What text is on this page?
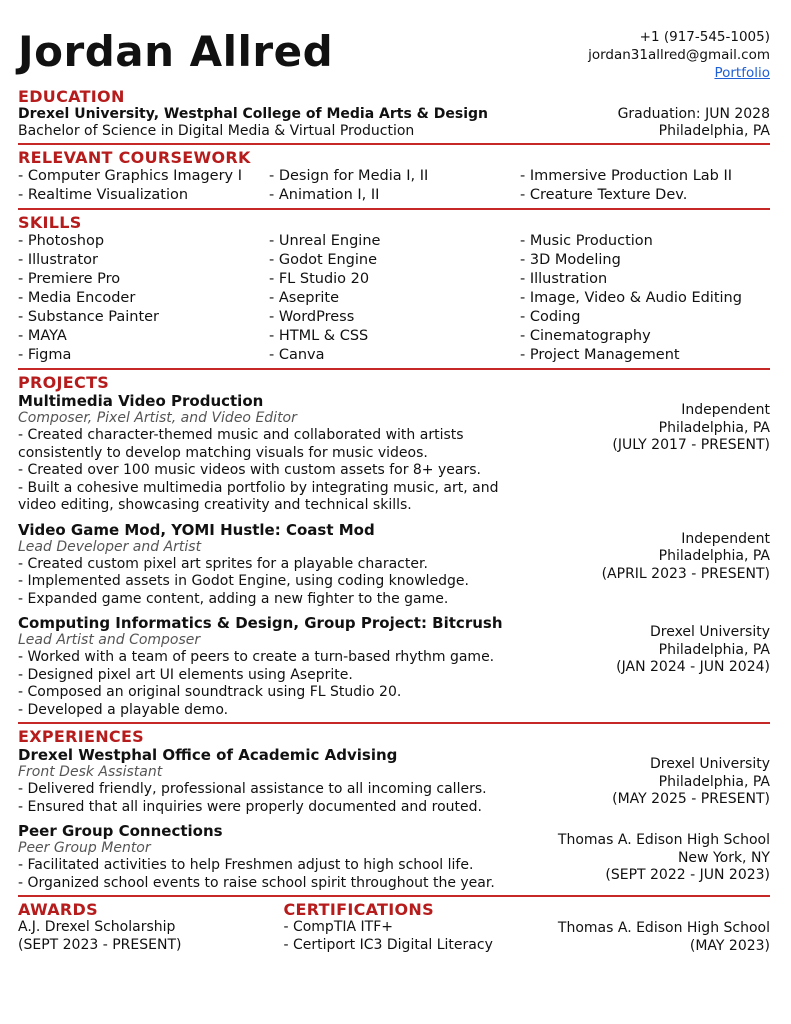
Jordan Allred	+1 (917-545-1005)
jordan31allred@gmail.com
Portfolio
EDUCATION
Drexel University, Westphal College of Media Arts & Design	Graduation: JUN 2028
Bachelor of Science in Digital Media & Virtual Production	Philadelphia, PA
RELEVANT COURSEWORK
- Computer Graphics Imagery I
- Realtime Visualization
- Design for Media I, II
- Animation I, II
- Immersive Production Lab II
- Creature Texture Dev.
SKILLS
- Photoshop
- Illustrator
- Premiere Pro
- Media Encoder
- Substance Painter
- MAYA
- Figma
- Unreal Engine
- Godot Engine
- FL Studio 20
- Aseprite
- WordPress
- HTML & CSS
- Canva
- Music Production
- 3D Modeling
- Illustration
- Image, Video & Audio Editing
- Coding
- Cinematography
- Project Management
PROJECTS
Multimedia Video Production
Composer, Pixel Artist, and Video Editor
- Created character-themed music and collaborated with artists consistently to develop matching visuals for music videos.
- Created over 100 music videos with custom assets for 8+ years.
- Built a cohesive multimedia portfolio by integrating music, art, and video editing, showcasing creativity and technical skills.
Independent
Philadelphia, PA
(JULY 2017 - PRESENT)
Video Game Mod, YOMI Hustle: Coast Mod
Lead Developer and Artist
- Created custom pixel art sprites for a playable character.
- Implemented assets in Godot Engine, using coding knowledge.
- Expanded game content, adding a new fighter to the game.
Independent
Philadelphia, PA
(APRIL 2023 - PRESENT)
Computing Informatics & Design, Group Project: Bitcrush
Lead Artist and Composer
- Worked with a team of peers to create a turn-based rhythm game.
- Designed pixel art UI elements using Aseprite.
- Composed an original soundtrack using FL Studio 20.
- Developed a playable demo.
Drexel University
Philadelphia, PA
(JAN 2024 - JUN 2024)
EXPERIENCES
Drexel Westphal Office of Academic Advising
Front Desk Assistant
- Delivered friendly, professional assistance to all incoming callers.
- Ensured that all inquiries were properly documented and routed.
Drexel University
Philadelphia, PA
(MAY 2025 - PRESENT)
Peer Group Connections
Peer Group Mentor
- Facilitated activities to help Freshmen adjust to high school life.
- Organized school events to raise school spirit throughout the year.
Thomas A. Edison High School
New York, NY
(SEPT 2022 - JUN 2023)
AWARDS
A.J. Drexel Scholarship
(SEPT 2023 - PRESENT)
CERTIFICATIONS
- CompTIA ITF+
- Certiport IC3 Digital Literacy
Thomas A. Edison High School
(MAY 2023)
